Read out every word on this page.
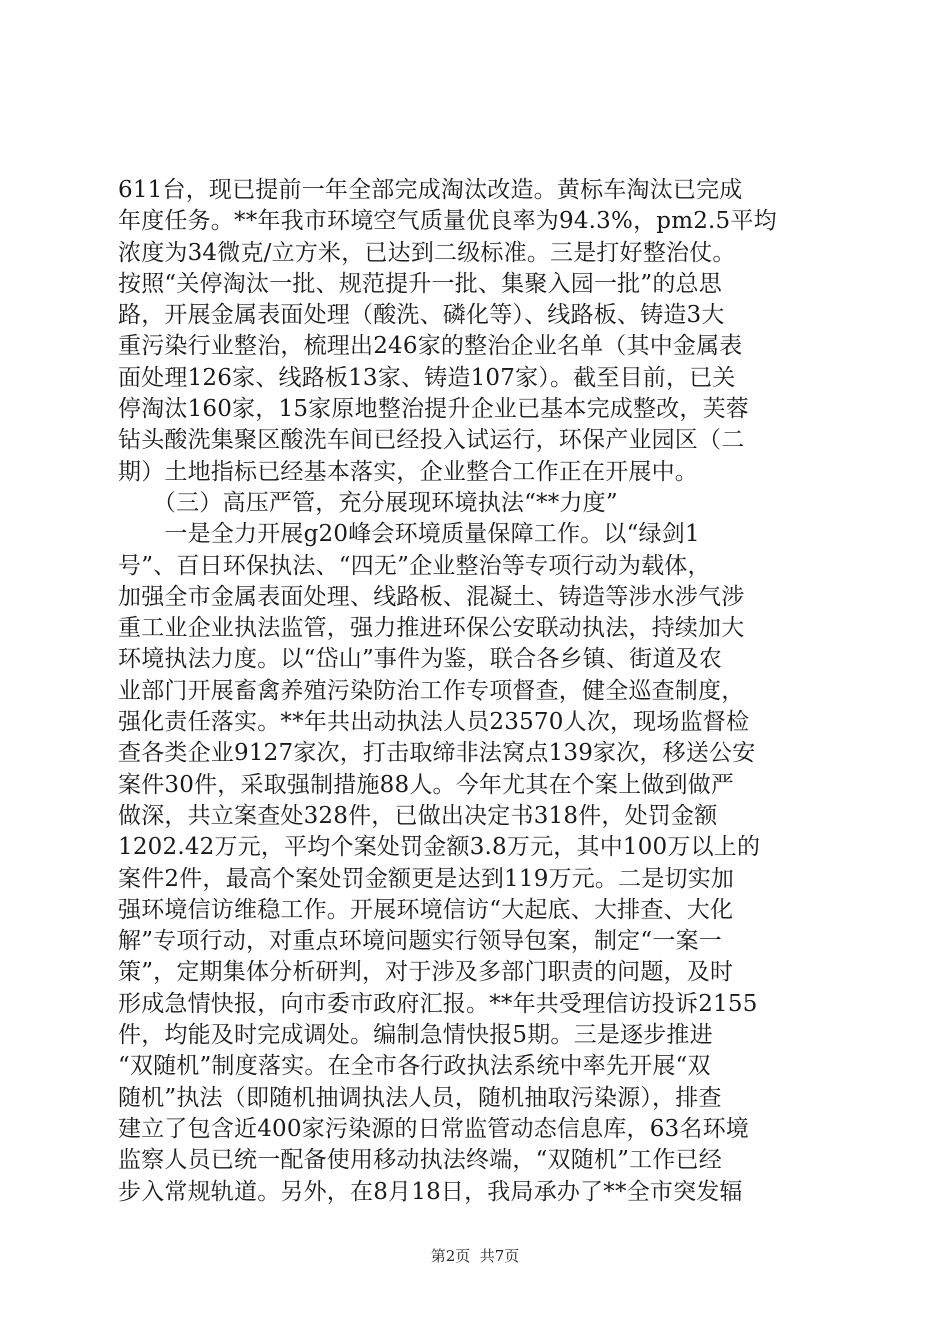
611台，现已提前一年全部完成淘汰改造。黄标车淘汰已完成
年度任务。**年我市环境空气质量优良率为94.3%，pm2.5平均
浓度为34微克/立方米，已达到二级标准。三是打好整治仗。
按照“关停淘汰一批、规范提升一批、集聚入园一批”的总思
路，开展金属表面处理（酸洗、磷化等）、线路板、铸造3大
重污染行业整治，梳理出246家的整治企业名单（其中金属表
面处理126家、线路板13家、铸造107家）。截至目前，已关
停淘汰160家，15家原地整治提升企业已基本完成整改，芙蓉
钻头酸洗集聚区酸洗车间已经投入试运行，环保产业园区（二
期）土地指标已经基本落实，企业整合工作正在开展中。
　　（三）高压严管，充分展现环境执法“**力度”
　　一是全力开展g20峰会环境质量保障工作。以“绿剑1
号”、百日环保执法、“四无”企业整治等专项行动为载体，
加强全市金属表面处理、线路板、混凝土、铸造等涉水涉气涉
重工业企业执法监管，强力推进环保公安联动执法，持续加大
环境执法力度。以“岱山”事件为鉴，联合各乡镇、街道及农
业部门开展畜禽养殖污染防治工作专项督查，健全巡查制度，
强化责任落实。**年共出动执法人员23570人次，现场监督检
查各类企业9127家次，打击取缔非法窝点139家次，移送公安
案件30件，采取强制措施88人。今年尤其在个案上做到做严
做深，共立案查处328件，已做出决定书318件，处罚金额
1202.42万元，平均个案处罚金额3.8万元，其中100万以上的
案件2件，最高个案处罚金额更是达到119万元。二是切实加
强环境信访维稳工作。开展环境信访“大起底、大排查、大化
解”专项行动，对重点环境问题实行领导包案，制定“一案一
策”，定期集体分析研判，对于涉及多部门职责的问题，及时
形成急情快报，向市委市政府汇报。**年共受理信访投诉2155
件，均能及时完成调处。编制急情快报5期。三是逐步推进
“双随机”制度落实。在全市各行政执法系统中率先开展“双
随机”执法（即随机抽调执法人员，随机抽取污染源），排查
建立了包含近400家污染源的日常监管动态信息库，63名环境
监察人员已统一配备使用移动执法终端，“双随机”工作已经
步入常规轨道。另外，在8月18日，我局承办了**全市突发辐
第2页  共7页
